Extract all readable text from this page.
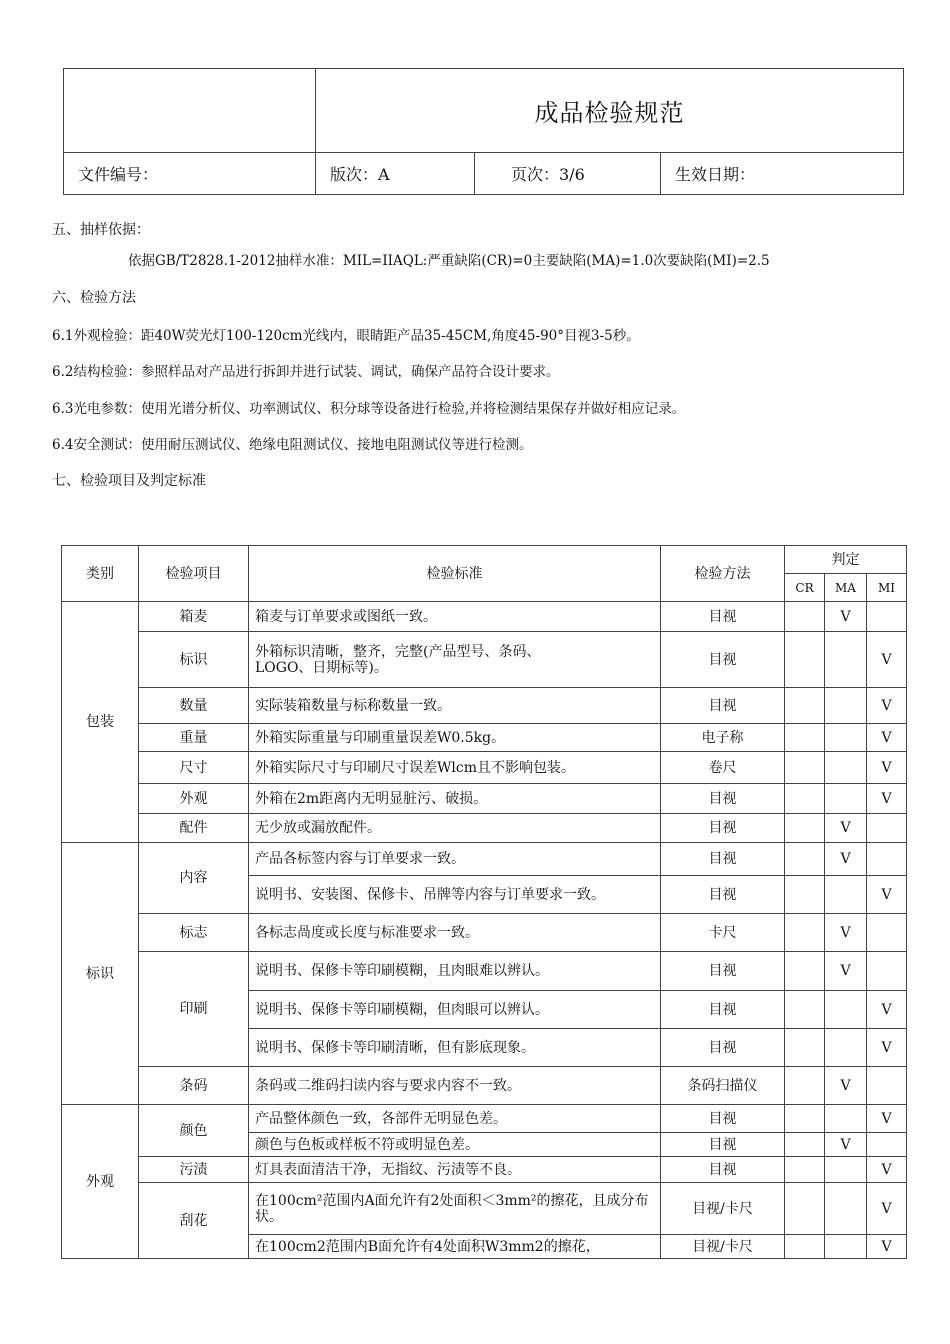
	成品检验规范		
文件编号：	版次：A	页次：3/6	生效日期：
五、抽样依据：
依据GB/T2828.1-2012抽样水准：MIL=IIAQL:严重缺陷(CR)=0主要缺陷(MA)=1.0次要缺陷(MI)=2.5
六、检验方法
6.1外观检验：距40W荧光灯100-120cm光线内，眼睛距产品35-45CM,角度45-90°目视3-5秒。
6.2结构检验：参照样品对产品进行拆卸并进行试装、调试，确保产品符合设计要求。
6.3光电参数：使用光谱分析仪、功率测试仪、积分球等设备进行检验,并将检测结果保存并做好相应记录。
6.4安全测试：使用耐压测试仪、绝缘电阻测试仪、接地电阻测试仪等进行检测。
七、检验项目及判定标准
类别	检验项目	检验标准	检验方法	判定		
				CR	MA	MI
包装	箱麦	箱麦与订单要求或图纸一致。	目视		V	
	标识	外箱标识清晰，整齐，完整(产品型号、条码、LOGO、日期标等)。	目视			V
	数量	实际装箱数量与标称数量一致。	目视			V
	重量	外箱实际重量与印刷重量误差W0.5kg。	电子称			V
	尺寸	外箱实际尺寸与印刷尺寸误差Wlcm且不影响包装。	卷尺			V
	外观	外箱在2m距离内无明显脏污、破损。	目视			V
	配件	无少放或漏放配件。	目视		V	
标识	内容	产品各标签内容与订单要求一致。	目视		V	
		说明书、安装图、保修卡、吊牌等内容与订单要求一致。	目视			V
	标志	各标志咼度或长度与标准要求一致。	卡尺		V	
	印刷	说明书、保修卡等印刷模糊，且肉眼难以辨认。	目视		V	
		说明书、保修卡等印刷模糊，但肉眼可以辨认。	目视			V
		说明书、保修卡等印刷清晰，但有影底现象。	目视			V
	条码	条码或二维码扫读内容与要求内容不一致。	条码扫描仪		V	
外观	颜色	产品整体颜色一致，各部件无明显色差。	目视			V
		颜色与色板或样板不符或明显色差。	目视		V	
	污渍	灯具表面清洁干净，无指纹、污渍等不良。	目视			V
	刮花	在100cm²范围内A面允许有2处面积＜3mm²的擦花，且成分布状。	目视/卡尺			V
		在100cm2范围内B面允许有4处面积W3mm2的擦花，	目视/卡尺			V
